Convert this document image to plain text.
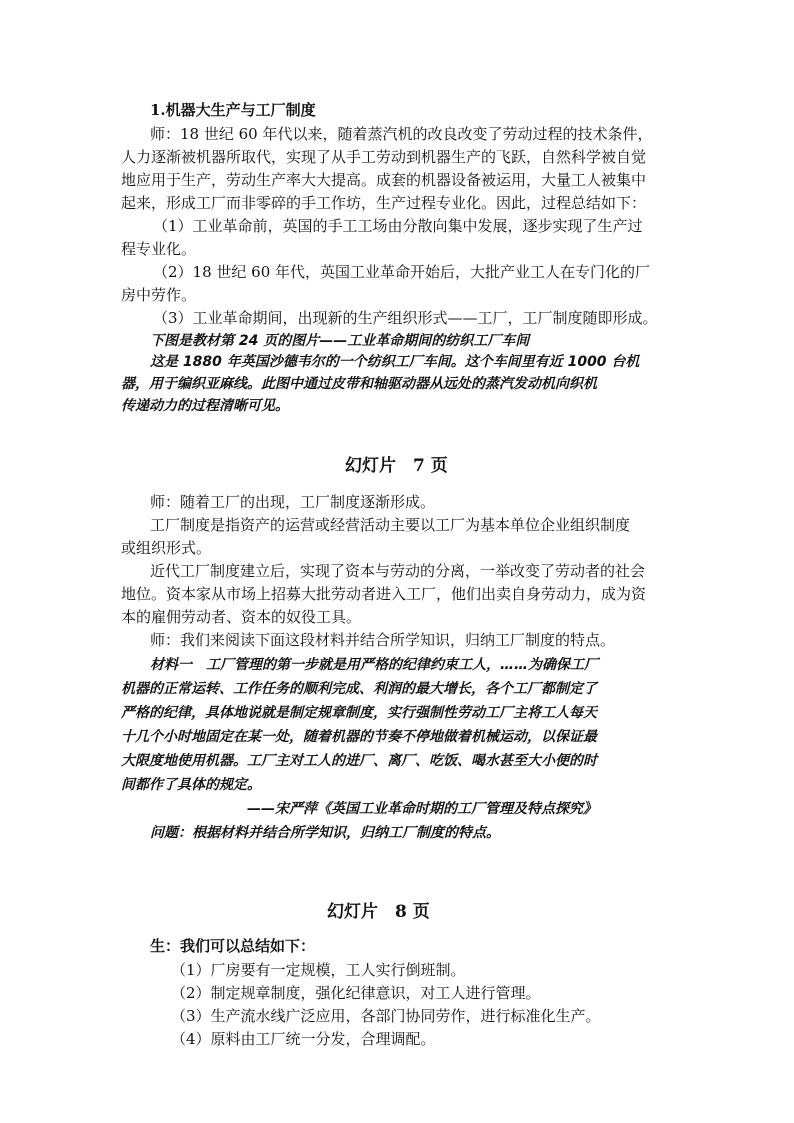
1.机器大生产与工厂制度
师：18 世纪 60 年代以来，随着蒸汽机的改良改变了劳动过程的技术条件，
人力逐渐被机器所取代，实现了从手工劳动到机器生产的飞跃，自然科学被自觉
地应用于生产，劳动生产率大大提高。成套的机器设备被运用，大量工人被集中
起来，形成工厂而非零碎的手工作坊，生产过程专业化。因此，过程总结如下：
（1）工业革命前，英国的手工工场由分散向集中发展，逐步实现了生产过
程专业化。
（2）18 世纪 60 年代，英国工业革命开始后，大批产业工人在专门化的厂
房中劳作。
（3）工业革命期间，出现新的生产组织形式——工厂，工厂制度随即形成。
下图是教材第 24 页的图片——工业革命期间的纺织工厂车间
这是 1880 年英国沙德韦尔的一个纺织工厂车间。这个车间里有近 1000 台机
器，用于编织亚麻线。此图中通过皮带和轴驱动器从远处的蒸汽发动机向织机
传递动力的过程清晰可见。
幻灯片　7 页
师：随着工厂的出现，工厂制度逐渐形成。
工厂制度是指资产的运营或经营活动主要以工厂为基本单位企业组织制度
或组织形式。
近代工厂制度建立后，实现了资本与劳动的分离，一举改变了劳动者的社会
地位。资本家从市场上招募大批劳动者进入工厂，他们出卖自身劳动力，成为资
本的雇佣劳动者、资本的奴役工具。
师：我们来阅读下面这段材料并结合所学知识，归纳工厂制度的特点。
材料一　工厂管理的第一步就是用严格的纪律约束工人，……为确保工厂
机器的正常运转、工作任务的顺利完成、利润的最大增长，各个工厂都制定了
严格的纪律，具体地说就是制定规章制度，实行强制性劳动工厂主将工人每天
十几个小时地固定在某一处，随着机器的节奏不停地做着机械运动，以保证最
大限度地使用机器。工厂主对工人的进厂、离厂、吃饭、喝水甚至大小便的时
间都作了具体的规定。
——宋严萍《英国工业革命时期的工厂管理及特点探究》
问题：根据材料并结合所学知识，归纳工厂制度的特点。
幻灯片　8 页
生：我们可以总结如下：
（1）厂房要有一定规模，工人实行倒班制。
（2）制定规章制度，强化纪律意识，对工人进行管理。
（3）生产流水线广泛应用，各部门协同劳作，进行标准化生产。
（4）原料由工厂统一分发，合理调配。
